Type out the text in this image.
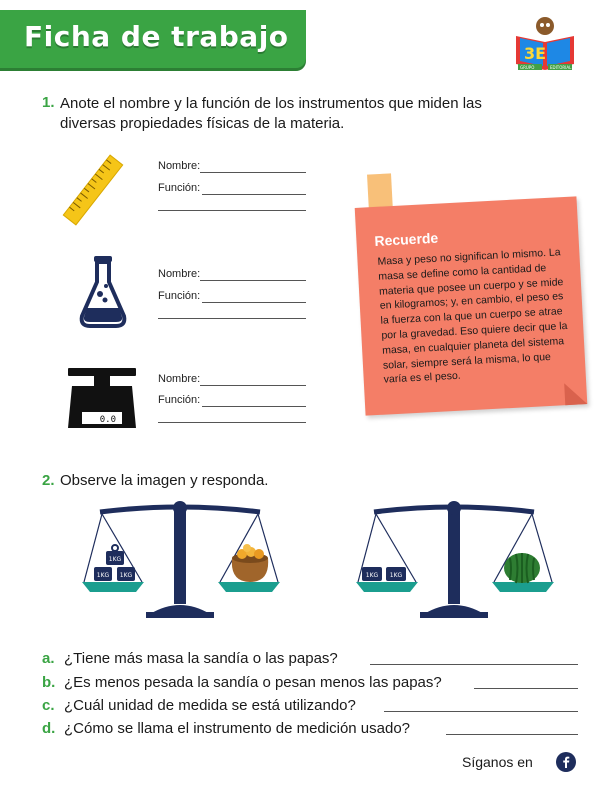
Ficha de trabajo
3E
GRUPO	EDITORIAL
1. Anote el nombre y la función de los instrumentos que miden las diversas propiedades físicas de la materia.
Nombre:
Función:
Nombre:
Función:
0.0
Nombre:
Función:
Recuerde
Masa y peso no significan lo mismo. La masa se define como la cantidad de materia que posee un cuerpo y se mide en kilogramos; y, en cambio, el peso es la fuerza con la que un cuerpo se atrae por la gravedad. Eso quiere decir que la masa, en cualquier planeta del sistema solar, siempre será la misma, lo que varía es el peso.
2. Observe la imagen y responda.
1KG
1KG 1KG	1KG 1KG
a. ¿Tiene más masa la sandía o las papas?
b. ¿Es menos pesada la sandía o pesan menos las papas?
c. ¿Cuál unidad de medida se está utilizando?
d. ¿Cómo se llama el instrumento de medición usado?
Síganos en
